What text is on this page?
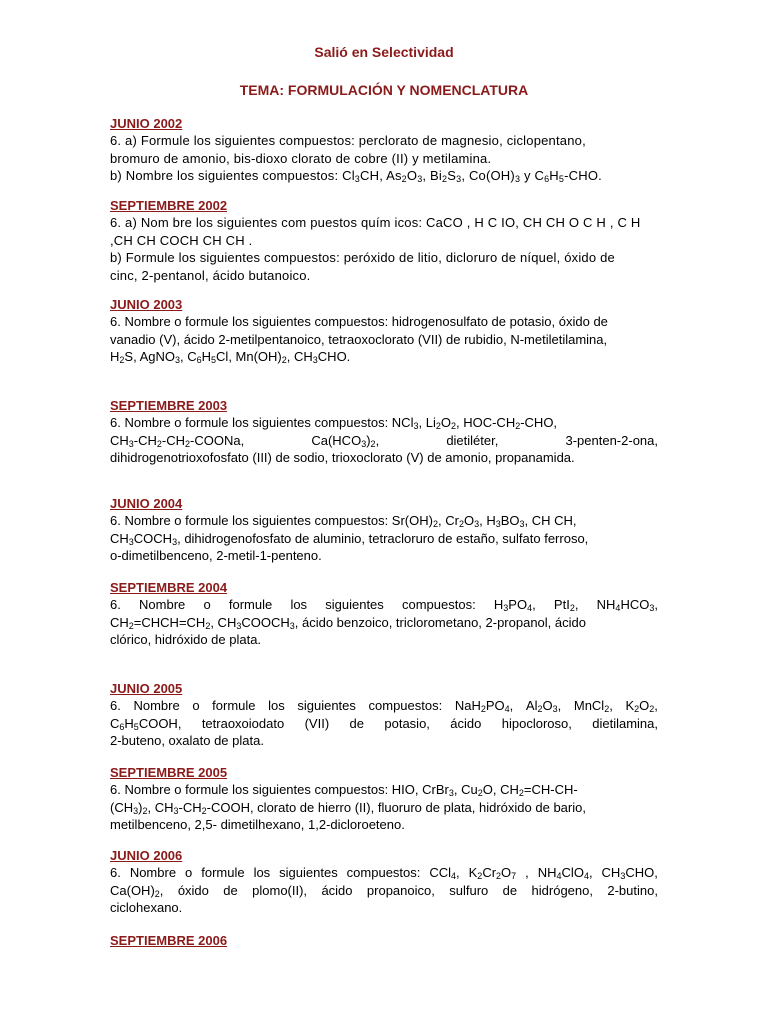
Salió en Selectividad
TEMA: FORMULACIÓN Y NOMENCLATURA
JUNIO 2002
6. a) Formule los siguientes compuestos: perclorato de magnesio, ciclopentano,
bromuro de amonio, bis-dioxo clorato de cobre (II) y metilamina.
b) Nombre los siguientes compuestos: $Cl_3CH$, $As_2O_3$, $Bi_2S_3$, $Co(OH)_3$ y $C_6H_5$-CHO.
SEPTIEMBRE 2002
6. a) Nom bre los siguientes com puestos quím icos: CaCO , H C IO, CH CH O C H , C H
,CH CH COCH CH CH .
b) Formule los siguientes compuestos: peróxido de litio, dicloruro de níquel, óxido de
cinc, 2-pentanol, ácido butanoico.
JUNIO 2003
6. Nombre o formule los siguientes compuestos: hidrogenosulfato de potasio, óxido de
vanadio (V), ácido 2-metilpentanoico, tetraoxoclorato (VII) de rubidio, N-metiletilamina,
$H_2S$, AgNO$_3$, $C_6H_5Cl$, $Mn(OH)_2$, $CH_3CHO$.
SEPTIEMBRE 2003
6. Nombre o formule los siguientes compuestos: NCl$_3$, $Li_2O_2$, HOC-$CH_2$-CHO,
$CH_3-CH_2-CH_2$-COONa,	$Ca(HCO_3)_2$,	dietiléter,	3-penten-2-ona,
dihidrogenotrioxofosfato (III) de sodio, trioxoclorato (V) de amonio, propanamida.
JUNIO 2004
6. Nombre o formule los siguientes compuestos: $Sr(OH)_2$, $Cr_2O_3$, $H_3BO_3$, CH CH,
$CH_3COCH_3$, dihidrogenofosfato de aluminio, tetracloruro de estaño, sulfato ferroso,
o-dimetilbenceno, 2-metil-1-penteno.
SEPTIEMBRE 2004
6. Nombre o formule los siguientes compuestos: $H_3PO_4$, PtI$_2$, $NH_4HCO_3$,
$CH_2=CHCH=CH_2$, $CH_3COOCH_3$, ácido benzoico, triclorometano, 2-propanol, ácido
clórico, hidróxido de plata.
JUNIO 2005
6. Nombre o formule los siguientes compuestos: $NaH_2PO_4$, $Al_2O_3$, MnCl$_2$, $K_2O_2$,
$C_6H_5COOH$, tetraoxoiodato (VII) de potasio, ácido hipocloroso, dietilamina,
2-buteno, oxalato de plata.
SEPTIEMBRE 2005
6. Nombre o formule los siguientes compuestos: HIO, CrBr$_3$, $Cu_2O$, $CH_2=CH-CH-$
$(CH_3)_2$, $CH_3-CH_2$-COOH, clorato de hierro (II), fluoruro de plata, hidróxido de bario,
metilbenceno, 2,5- dimetilhexano, 1,2-dicloroeteno.
JUNIO 2006
6. Nombre o formule los siguientes compuestos: CCl$_4$, $K_2Cr_2O_7$ , $NH_4ClO_4$, $CH_3CHO$,
$Ca(OH)_2$, óxido de plomo(II), ácido propanoico, sulfuro de hidrógeno, 2-butino,
ciclohexano.
SEPTIEMBRE 2006
